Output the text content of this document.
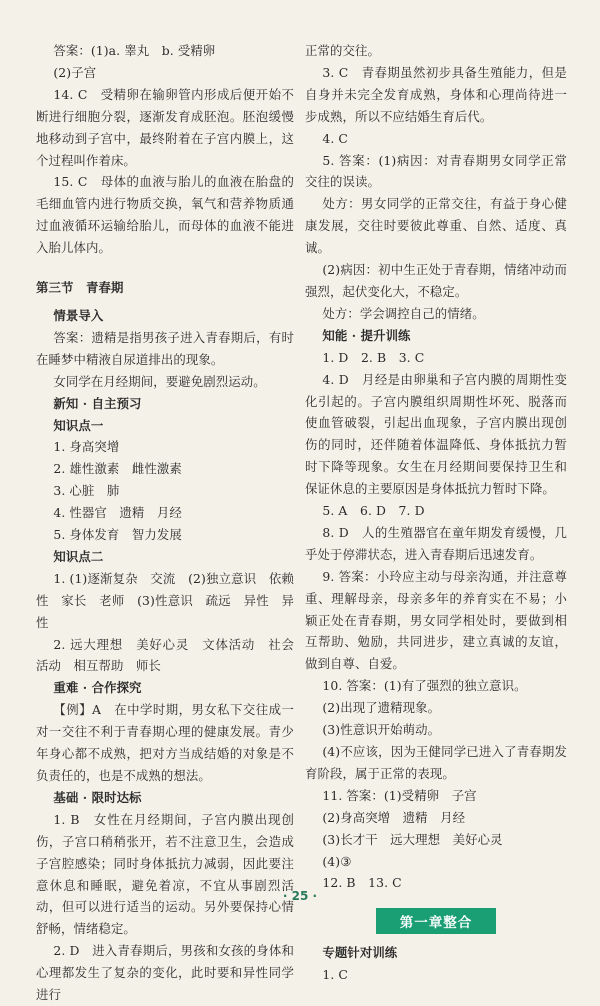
答案：(1)a. 睾丸　b. 受精卵

(2)子宫

14. C　受精卵在输卵管内形成后便开始不断进行细胞分裂，逐渐发育成胚泡。胚泡缓慢地移动到子宫中，最终附着在子宫内膜上，这个过程叫作着床。

15. C　母体的血液与胎儿的血液在胎盘的毛细血管内进行物质交换，氧气和营养物质通过血液循环运输给胎儿，而母体的血液不能进入胎儿体内。

第三节　青春期

情景导入

答案：遗精是指男孩子进入青春期后，有时在睡梦中精液自尿道排出的现象。

女同学在月经期间，要避免剧烈运动。

新知 · 自主预习

知识点一

1. 身高突增

2. 雄性激素　雌性激素

3. 心脏　肺

4. 性器官　遗精　月经

5. 身体发育　智力发展

知识点二

1. (1)逐渐复杂　交流　(2)独立意识　依赖性　家长　老师　(3)性意识　疏远　异性　异性

2. 远大理想　美好心灵　文体活动　社会活动　相互帮助　师长

重难 · 合作探究

【例】A　在中学时期，男女私下交往成一对一交往不利于青春期心理的健康发展。青少年身心都不成熟，把对方当成结婚的对象是不负责任的，也是不成熟的想法。

基础 · 限时达标

1. B　女性在月经期间，子宫内膜出现创伤，子宫口稍稍张开，若不注意卫生，会造成子宫腔感染；同时身体抵抗力减弱，因此要注意休息和睡眠，避免着凉，不宜从事剧烈活动，但可以进行适当的运动。另外要保持心情舒畅，情绪稳定。

2. D　进入青春期后，男孩和女孩的身体和心理都发生了复杂的变化，此时要和异性同学进行

正常的交往。

3. C　青春期虽然初步具备生殖能力，但是自身并未完全发育成熟，身体和心理尚待进一步成熟，所以不应结婚生育后代。

4. C

5. 答案：(1)病因：对青春期男女同学正常交往的误读。

处方：男女同学的正常交往，有益于身心健康发展，交往时要彼此尊重、自然、适度、真诚。

(2)病因：初中生正处于青春期，情绪冲动而强烈，起伏变化大，不稳定。

处方：学会调控自己的情绪。

知能 · 提升训练

1. D　2. B　3. C

4. D　月经是由卵巢和子宫内膜的周期性变化引起的。子宫内膜组织周期性坏死、脱落而使血管破裂，引起出血现象，子宫内膜出现创伤的同时，还伴随着体温降低、身体抵抗力暂时下降等现象。女生在月经期间要保持卫生和保证休息的主要原因是身体抵抗力暂时下降。

5. A　6. D　7. D

8. D　人的生殖器官在童年期发育缓慢，几乎处于停滞状态，进入青春期后迅速发育。

9. 答案：小玲应主动与母亲沟通，并注意尊重、理解母亲，母亲多年的养育实在不易；小颖正处在青春期，男女同学相处时，要做到相互帮助、勉励，共同进步，建立真诚的友谊，做到自尊、自爱。

10. 答案：(1)有了强烈的独立意识。

(2)出现了遗精现象。

(3)性意识开始萌动。

(4)不应该，因为王健同学已进入了青春期发育阶段，属于正常的表现。

11. 答案：(1)受精卵　子宫

(2)身高突增　遗精　月经

(3)长才干　远大理想　美好心灵

(4)③

12. B　13. C

第一章整合

专题针对训练

1. C

· 25 ·
